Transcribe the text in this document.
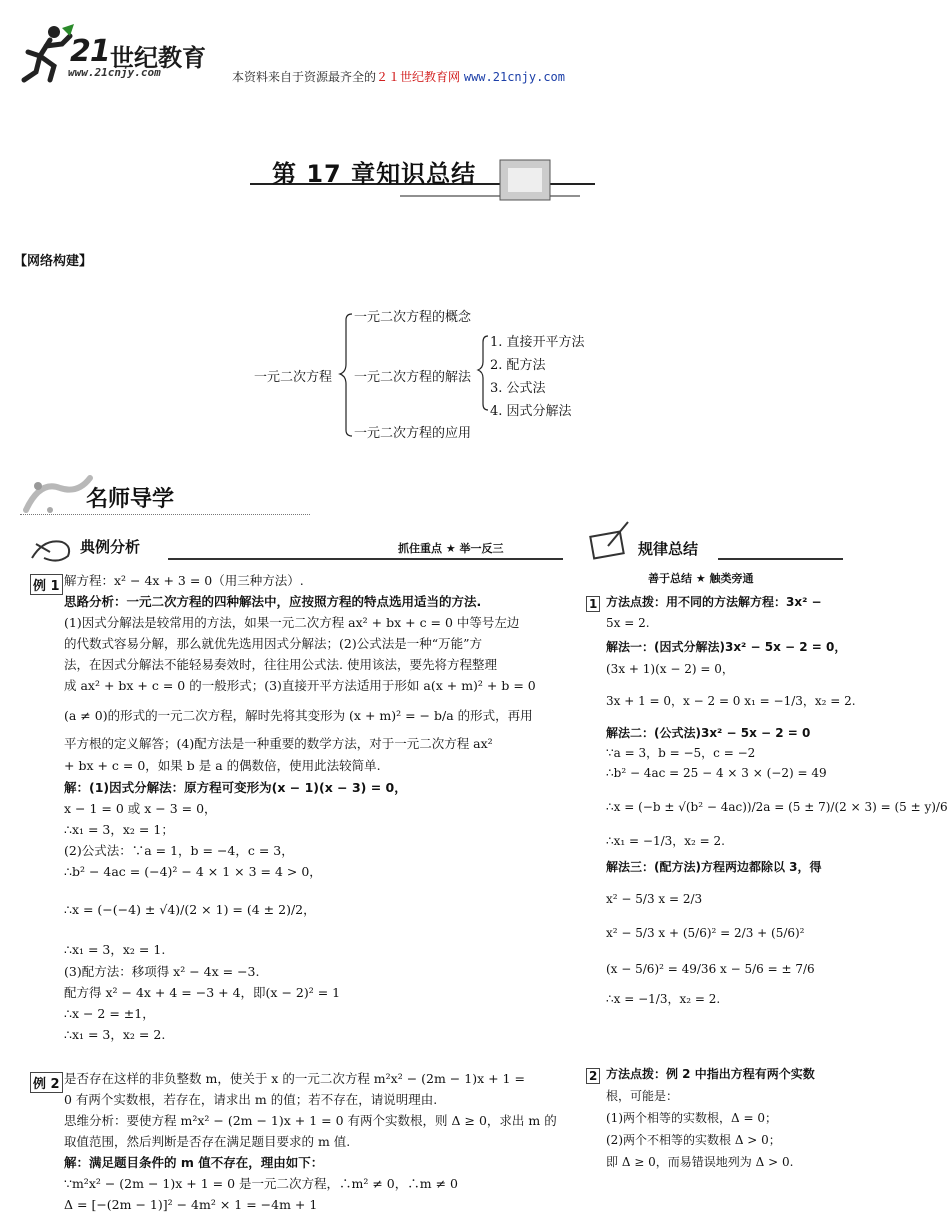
21 世纪教育
www.21cnjy.com	本资料来自于资源最齐全的２１世纪教育网 www.21cnjy.com
第 17 章知识总结
【网络构建】
一元二次方程
一元二次方程的概念
一元二次方程的解法
一元二次方程的应用
1. 直接开平方法
2. 配方法
3. 公式法
4. 因式分解法
名师导学
典例分析	抓住重点 ★ 举一反三	规律总结
善于总结 ★ 触类旁通
例 1 解方程：x² − 4x + 3 = 0（用三种方法）.
思路分析：一元二次方程的四种解法中，应按照方程的特点选用适当的方法.
(1)因式分解法是较常用的方法，如果一元二次方程 ax² + bx + c = 0 中等号左边
的代数式容易分解，那么就优先选用因式分解法；(2)公式法是一种“万能”方
法，在因式分解法不能轻易奏效时，往往用公式法. 使用该法，要先将方程整理
成 ax² + bx + c = 0 的一般形式；(3)直接开平方法适用于形如 a(x + m)² + b = 0
(a ≠ 0)的形式的一元二次方程，解时先将其变形为 (x + m)² = − b/a 的形式，再用
平方根的定义解答；(4)配方法是一种重要的数学方法，对于一元二次方程 ax²
+ bx + c = 0，如果 b 是 a 的偶数倍，使用此法较简单.
解：(1)因式分解法：原方程可变形为(x − 1)(x − 3) = 0，
x − 1 = 0 或 x − 3 = 0，
∴x₁ = 3，x₂ = 1；
(2)公式法：∵a = 1，b = −4，c = 3，
∴b² − 4ac = (−4)² − 4 × 1 × 3 = 4 > 0，
∴x = (−(−4) ± √4)/(2 × 1) = (4 ± 2)/2，
∴x₁ = 3，x₂ = 1.
(3)配方法：移项得 x² − 4x = −3.
配方得 x² − 4x + 4 = −3 + 4，即(x − 2)² = 1
∴x − 2 = ±1，
∴x₁ = 3，x₂ = 2.
例 2 是否存在这样的非负整数 m，使关于 x 的一元二次方程 m²x² − (2m − 1)x + 1 =
0 有两个实数根，若存在，请求出 m 的值；若不存在，请说明理由.
思维分析：要使方程 m²x² − (2m − 1)x + 1 = 0 有两个实数根，则 Δ ≥ 0，求出 m 的
取值范围，然后判断是否存在满足题目要求的 m 值.
解：满足题目条件的 m 值不存在，理由如下：
∵m²x² − (2m − 1)x + 1 = 0 是一元二次方程，∴m² ≠ 0，∴m ≠ 0
Δ = [−(2m − 1)]² − 4m² × 1 = −4m + 1
1 方法点拨：用不同的方法解方程：3x² −
5x = 2.
解法一：(因式分解法)3x² − 5x − 2 = 0，
(3x + 1)(x − 2) = 0，
3x + 1 = 0，x − 2 = 0 x₁ = −1/3，x₂ = 2.
解法二：(公式法)3x² − 5x − 2 = 0
∵a = 3，b = −5，c = −2
∴b² − 4ac = 25 − 4 × 3 × (−2) = 49
∴x = (−b ± √(b² − 4ac))/2a = (5 ± 7)/(2 × 3) = (5 ± y)/6
∴x₁ = −1/3，x₂ = 2.
解法三：(配方法)方程两边都除以 3，得
x² − 5/3 x = 2/3
x² − 5/3 x + (5/6)² = 2/3 + (5/6)²
(x − 5/6)² = 49/36 x − 5/6 = ± 7/6
∴x = −1/3，x₂ = 2.
2 方法点拨：例 2 中指出方程有两个实数
根，可能是：
(1)两个相等的实数根，Δ = 0；
(2)两个不相等的实数根 Δ > 0；
即 Δ ≥ 0，而易错误地列为 Δ > 0.
